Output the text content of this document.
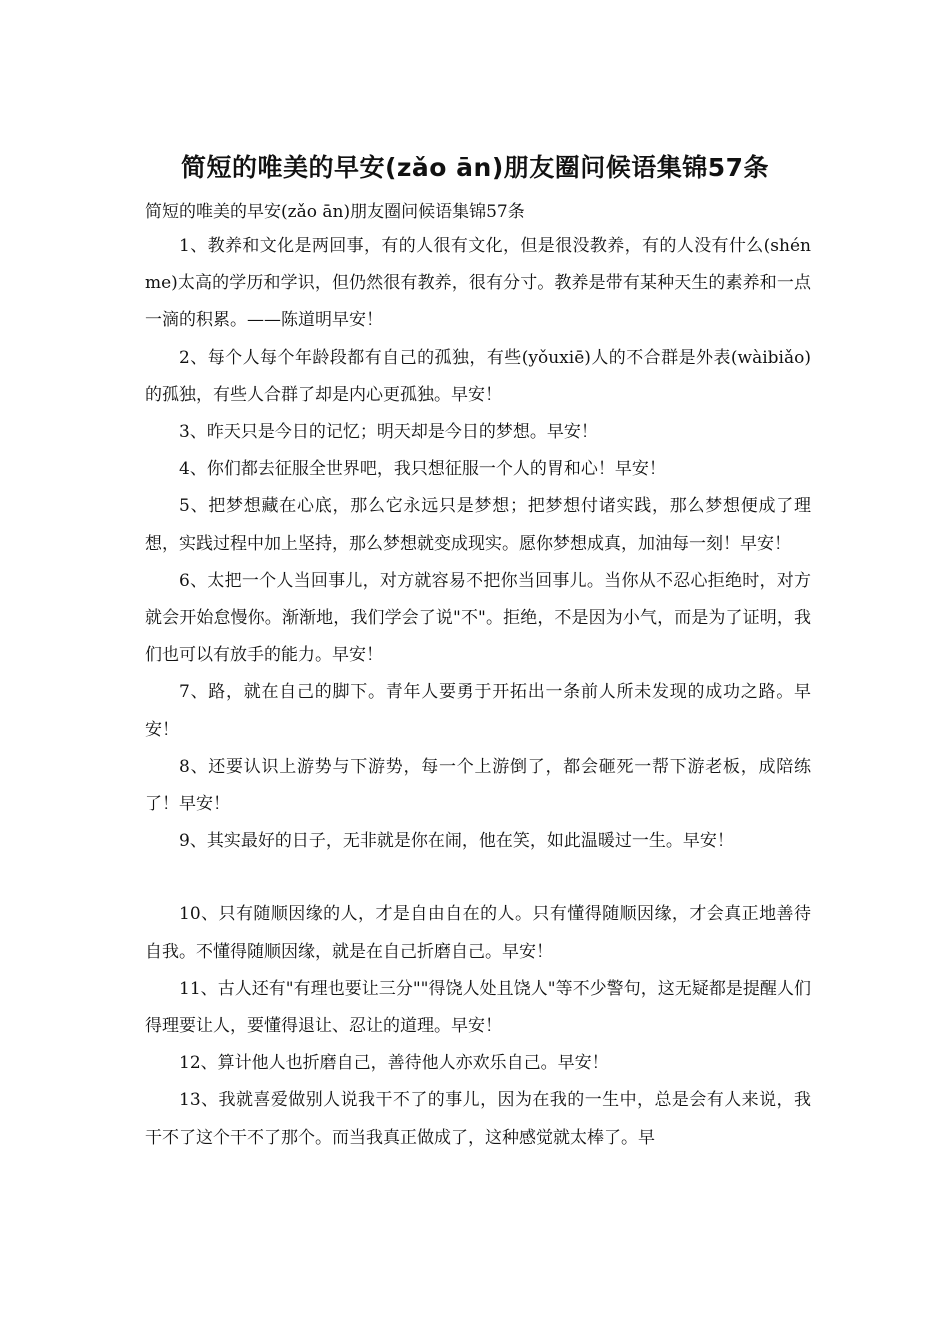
简短的唯美的早安(zǎo ān)朋友圈问候语集锦57条
简短的唯美的早安(zǎo ān)朋友圈问候语集锦57条

1、教养和文化是两回事，有的人很有文化，但是很没教养，有的人没有什么(shén me)太高的学历和学识，但仍然很有教养，很有分寸。教养是带有某种天生的素养和一点一滴的积累。——陈道明早安！

2、每个人每个年龄段都有自己的孤独，有些(yǒuxiē)人的不合群是外表(wàibiǎo)的孤独，有些人合群了却是内心更孤独。早安！

3、昨天只是今日的记忆；明天却是今日的梦想。早安！

4、你们都去征服全世界吧，我只想征服一个人的胃和心！早安！

5、把梦想藏在心底，那么它永远只是梦想；把梦想付诸实践，那么梦想便成了理想，实践过程中加上坚持，那么梦想就变成现实。愿你梦想成真，加油每一刻！早安！

6、太把一个人当回事儿，对方就容易不把你当回事儿。当你从不忍心拒绝时，对方就会开始怠慢你。渐渐地，我们学会了说"不"。拒绝，不是因为小气，而是为了证明，我们也可以有放手的能力。早安！

7、路，就在自己的脚下。青年人要勇于开拓出一条前人所未发现的成功之路。早安！

8、还要认识上游势与下游势，每一个上游倒了，都会砸死一帮下游老板，成陪练了！早安！

9、其实最好的日子，无非就是你在闹，他在笑，如此温暖过一生。早安！

10、只有随顺因缘的人，才是自由自在的人。只有懂得随顺因缘，才会真正地善待自我。不懂得随顺因缘，就是在自己折磨自己。早安！

11、古人还有"有理也要让三分""得饶人处且饶人"等不少警句，这无疑都是提醒人们得理要让人，要懂得退让、忍让的道理。早安！

12、算计他人也折磨自己，善待他人亦欢乐自己。早安！

13、我就喜爱做别人说我干不了的事儿，因为在我的一生中，总是会有人来说，我干不了这个干不了那个。而当我真正做成了，这种感觉就太棒了。早
